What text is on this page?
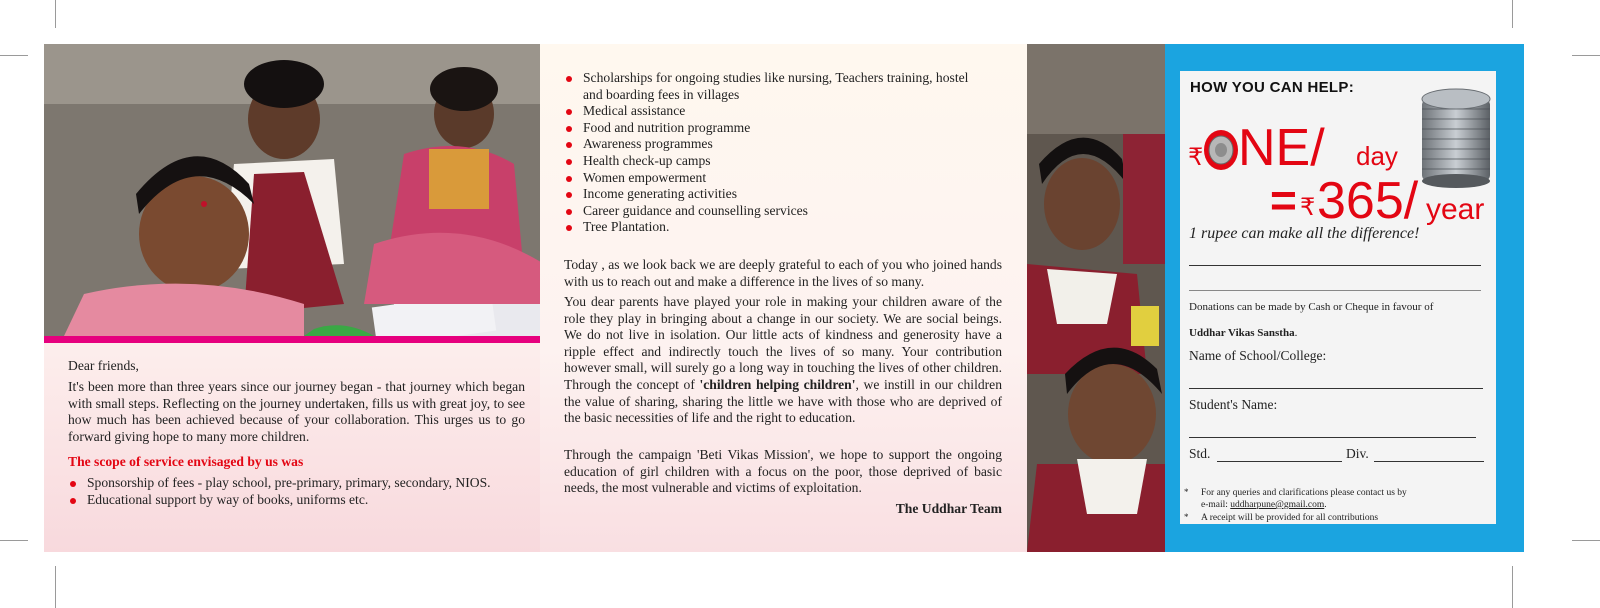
Dear friends,
It's been more than three years since our journey began - that journey which began with small steps. Reflecting on the journey undertaken, fills us with great joy, to see how much has been achieved because of your collaboration. This urges us to go forward giving hope to many more children.
The scope of service envisaged by us was
Sponsorship of fees - play school, pre-primary, primary, secondary, NIOS.
Educational support by way of books, uniforms etc.
Scholarships for ongoing studies like nursing, Teachers training, hostel and boarding fees in villages
Medical assistance
Food and nutrition programme
Awareness programmes
Health check-up camps
Women empowerment
Income generating activities
Career guidance and counselling services
Tree Plantation.
Today , as we look back we are deeply grateful to each of you who joined hands with us to reach out and make a difference in the lives of so many.
You dear parents have played your role in making your children aware of the role they play in bringing about a change in our society. We are social beings. We do not live in isolation. Our little acts of kindness and generosity have a ripple effect and indirectly touch the lives of so many. Your contribution however small, will surely go a long way in touching the lives of other children. Through the concept of 'children helping children', we instill in our children the value of sharing, sharing the little we have with those who are deprived of the basic necessities of life and the right to education.
Through the campaign 'Beti Vikas Mission', we hope to support the ongoing education of girl children with a focus on the poor, those deprived of basic needs, the most vulnerable and victims of exploitation.
The Uddhar Team
HOW YOU CAN HELP:
₹ NE/ day
= ₹ 365/ year
1 rupee can make all the difference!
Donations can be made by Cash or Cheque in favour of
Uddhar Vikas Sanstha.
Name of School/College:
Student's Name:
Std.	Div.
* For any queries and clarifications please contact us by
e-mail: uddharpune@gmail.com.
* A receipt will be provided for all contributions
